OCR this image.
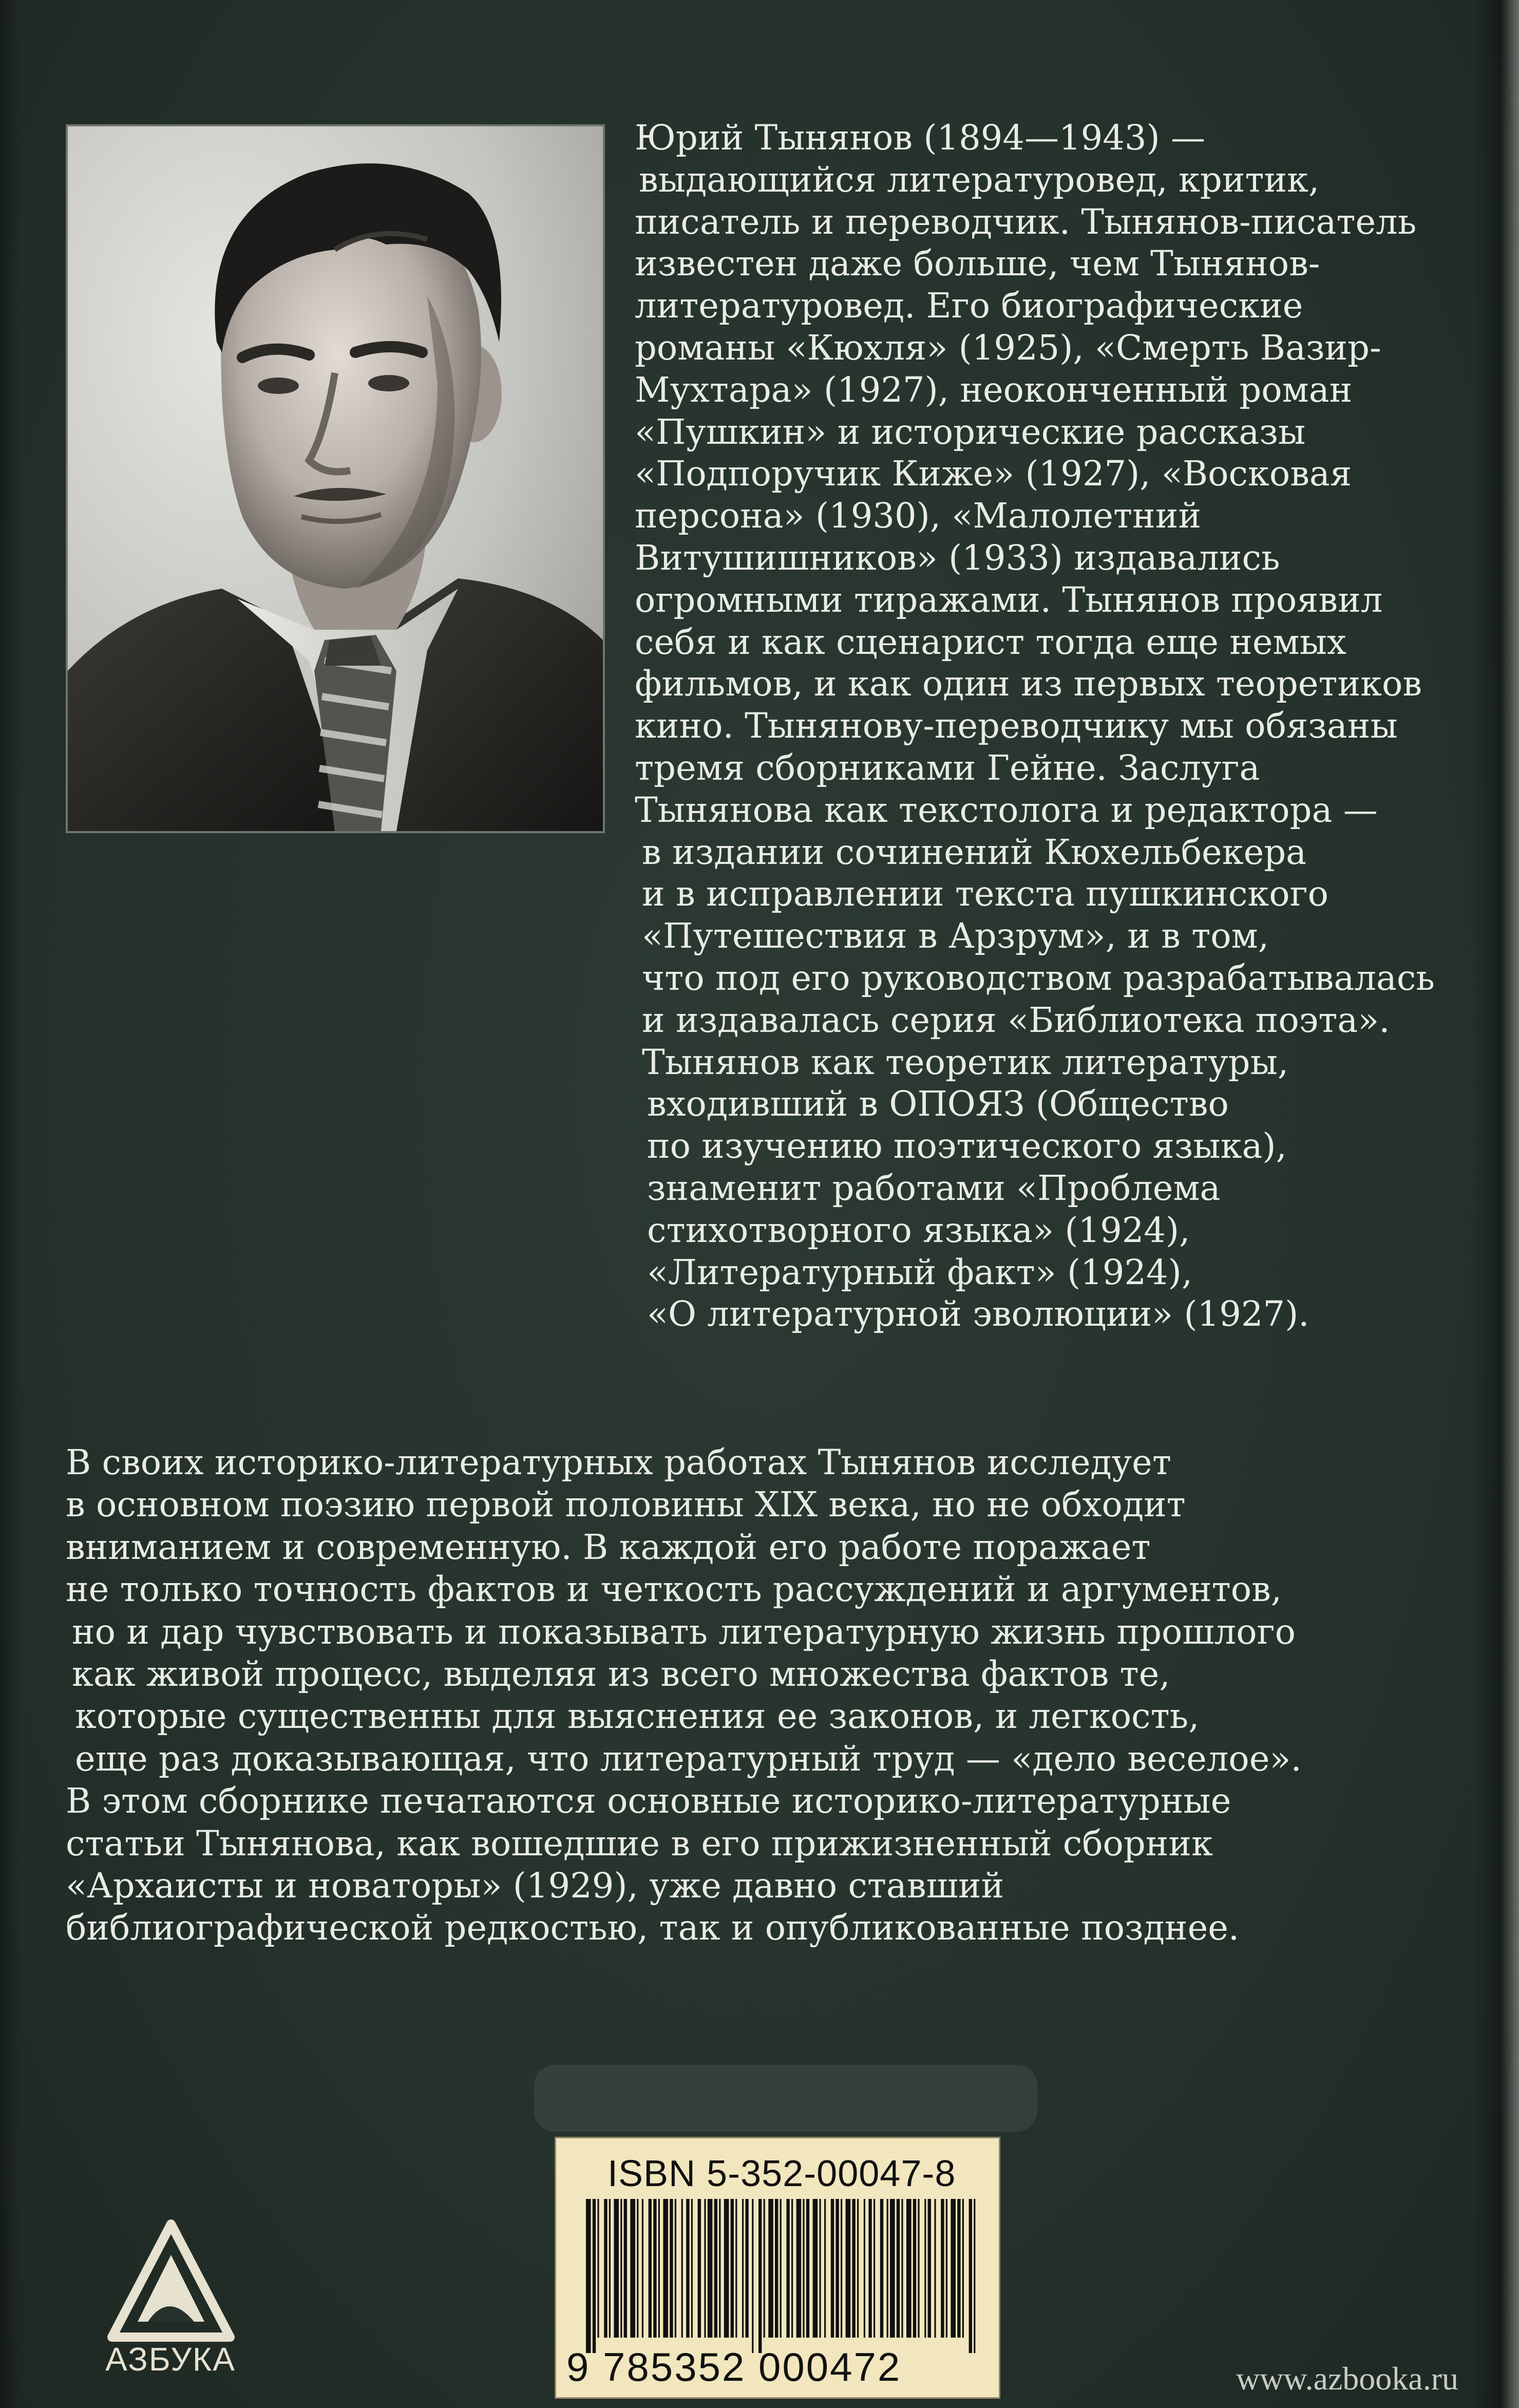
Юрий Тынянов (1894—1943) —
выдающийся литературовед, критик,
писатель и переводчик. Тынянов-писатель
известен даже больше, чем Тынянов-
литературовед. Его биографические
романы «Кюхля» (1925), «Смерть Вазир-
Мухтара» (1927), неоконченный роман
«Пушкин» и исторические рассказы
«Подпоручик Киже» (1927), «Восковая
персона» (1930), «Малолетний
Витушишников» (1933) издавались
огромными тиражами. Тынянов проявил
себя и как сценарист тогда еще немых
фильмов, и как один из первых теоретиков
кино. Тынянову-переводчику мы обязаны
тремя сборниками Гейне. Заслуга
Тынянова как текстолога и редактора —
в издании сочинений Кюхельбекера
и в исправлении текста пушкинского
«Путешествия в Арзрум», и в том,
что под его руководством разрабатывалась
и издавалась серия «Библиотека поэта».
Тынянов как теоретик литературы,
входивший в ОПОЯЗ (Общество
по изучению поэтического языка),
знаменит работами «Проблема
стихотворного языка» (1924),
«Литературный факт» (1924),
«О литературной эволюции» (1927).
В своих историко-литературных работах Тынянов исследует
в основном поэзию первой половины XIX века, но не обходит
вниманием и современную. В каждой его работе поражает
не только точность фактов и четкость рассуждений и аргументов,
но и дар чувствовать и показывать литературную жизнь прошлого
как живой процесс, выделяя из всего множества фактов те,
которые существенны для выяснения ее законов, и легкость,
еще раз доказывающая, что литературный труд — «дело веселое».
В этом сборнике печатаются основные историко-литературные
статьи Тынянова, как вошедшие в его прижизненный сборник
«Архаисты и новаторы» (1929), уже давно ставший
библиографической редкостью, так и опубликованные позднее.
ISBN 5-352-00047-8
9 785352 000472
АЗБУКА
www.azbooka.ru
